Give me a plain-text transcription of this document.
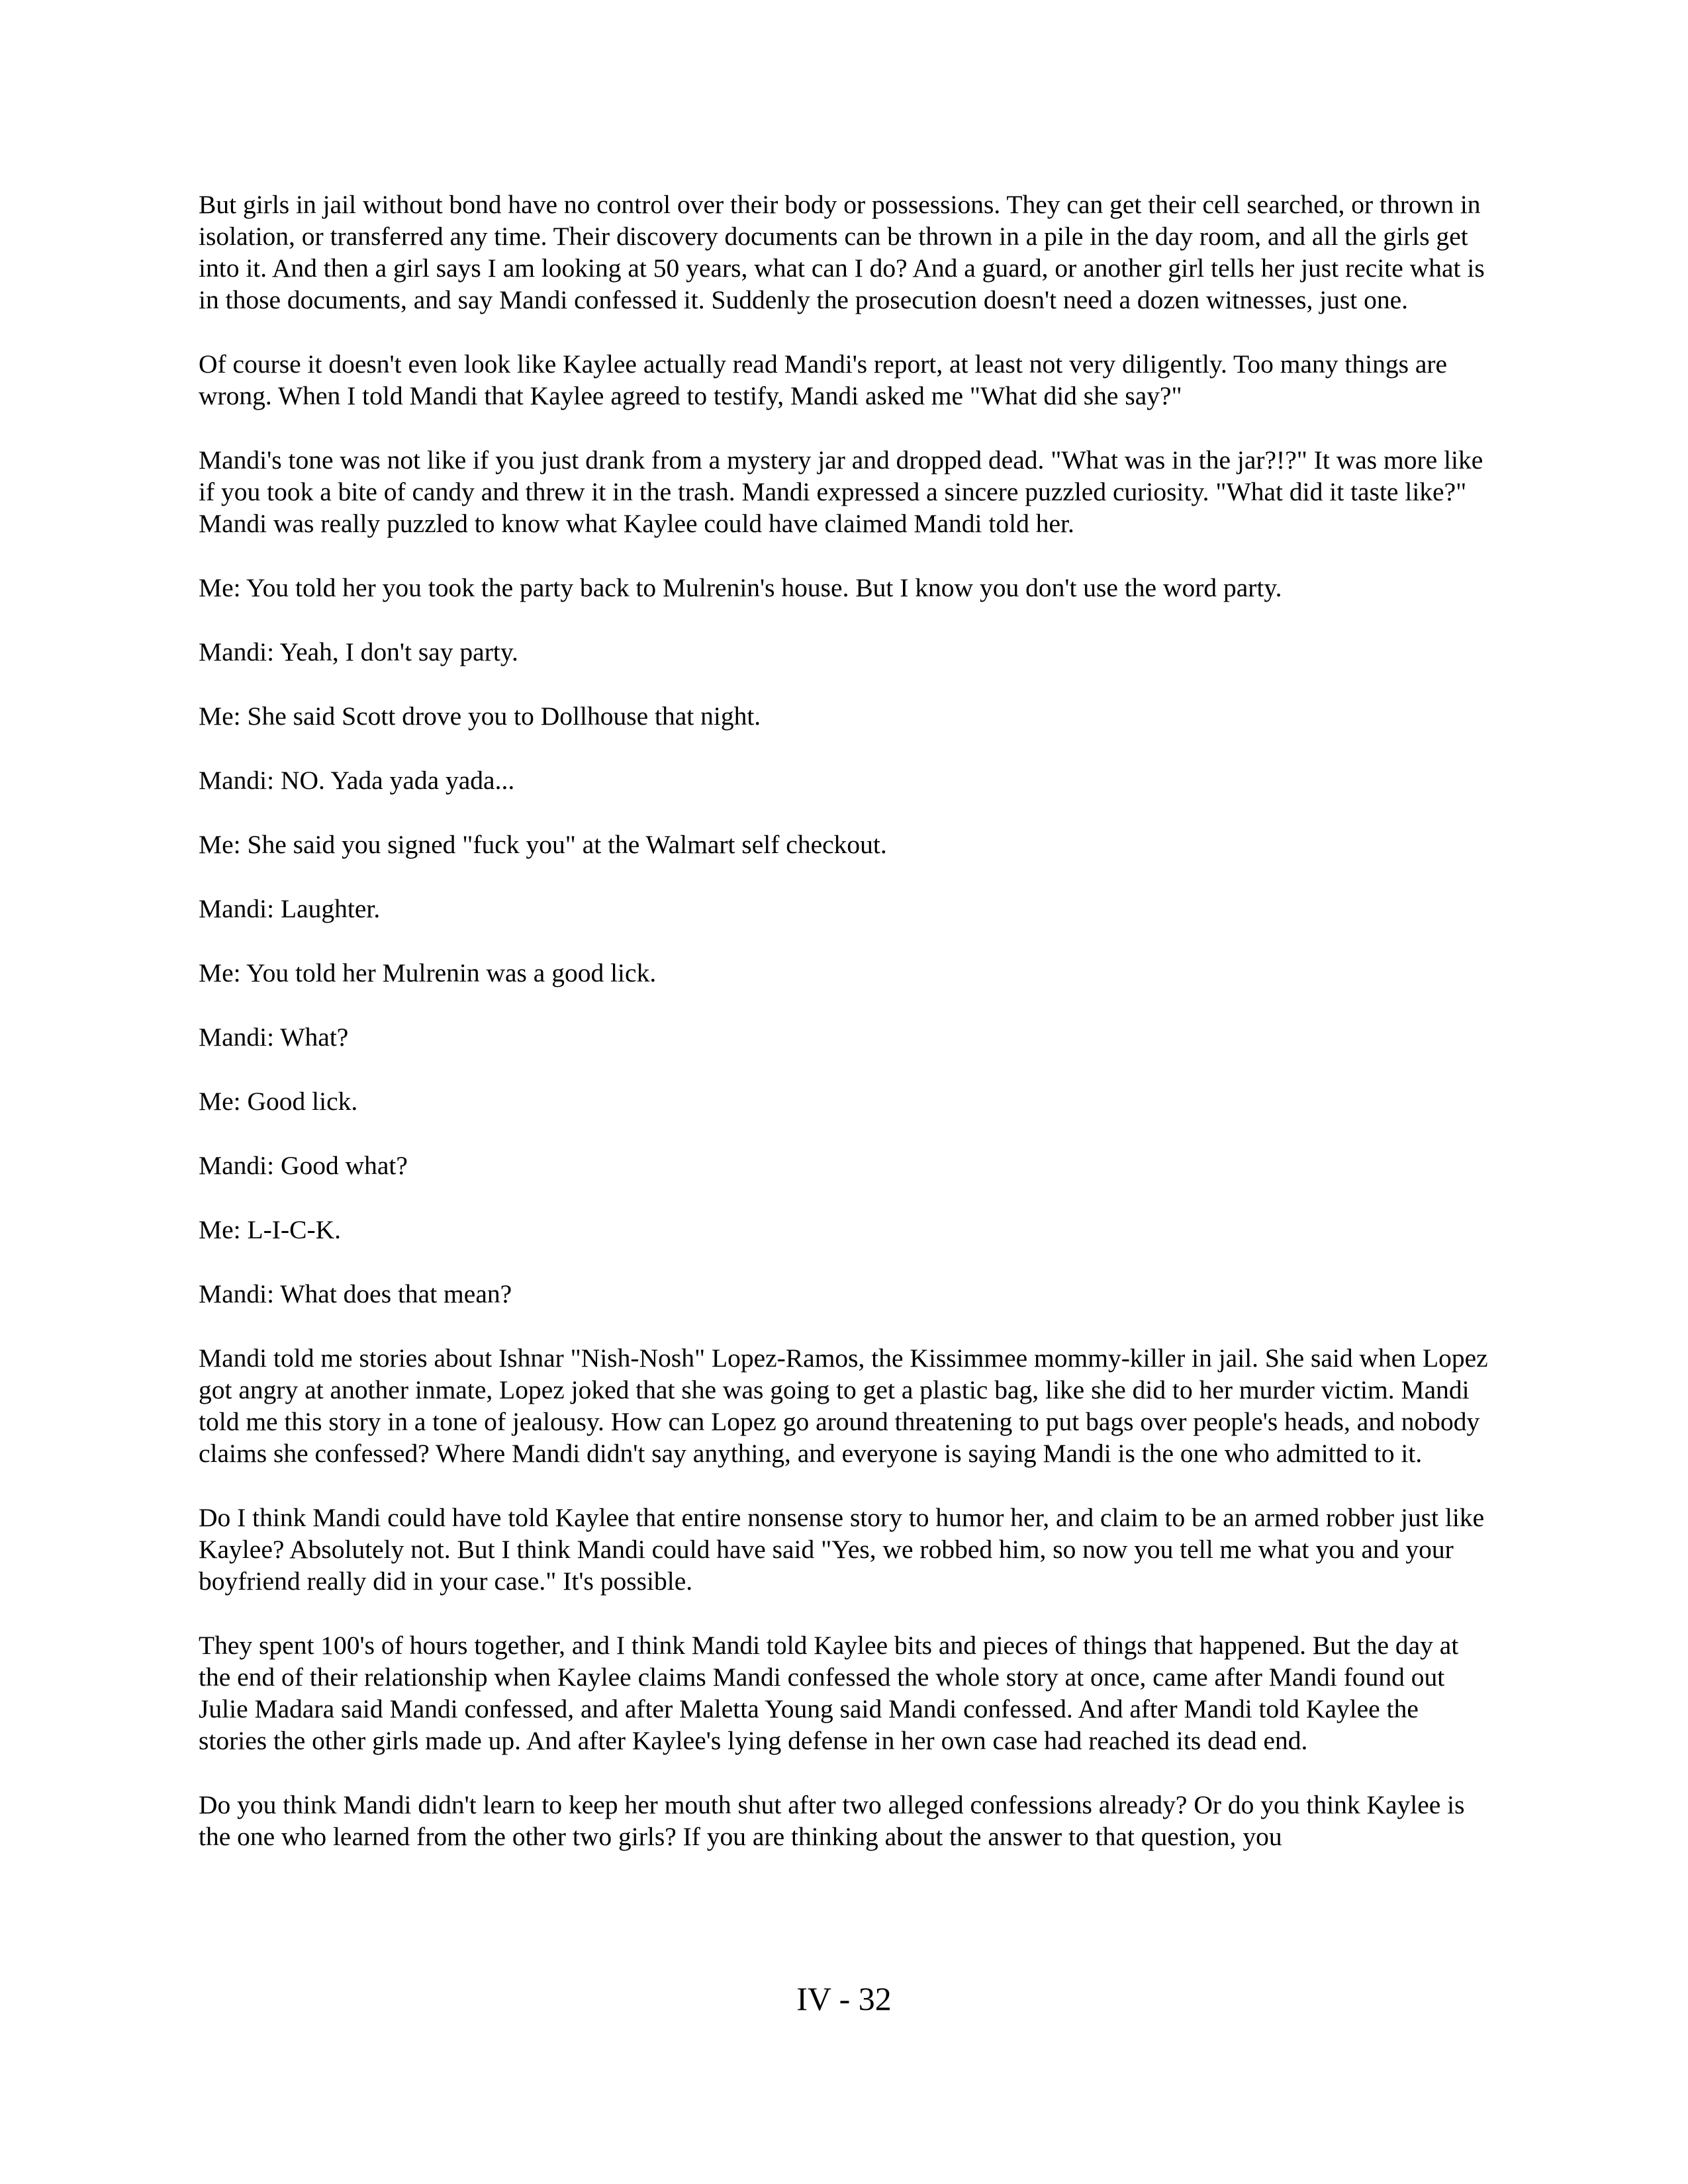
But girls in jail without bond have no control over their body or possessions. They can get their cell searched, or thrown in isolation, or transferred any time. Their discovery documents can be thrown in a pile in the day room, and all the girls get into it. And then a girl says I am looking at 50 years, what can I do? And a guard, or another girl tells her just recite what is in those documents, and say Mandi confessed it. Suddenly the prosecution doesn't need a dozen witnesses, just one.

Of course it doesn't even look like Kaylee actually read Mandi's report, at least not very diligently. Too many things are wrong. When I told Mandi that Kaylee agreed to testify, Mandi asked me "What did she say?"

Mandi's tone was not like if you just drank from a mystery jar and dropped dead. "What was in the jar?!?" It was more like if you took a bite of candy and threw it in the trash. Mandi expressed a sincere puzzled curiosity. "What did it taste like?" Mandi was really puzzled to know what Kaylee could have claimed Mandi told her.

Me: You told her you took the party back to Mulrenin's house. But I know you don't use the word party.

Mandi: Yeah, I don't say party.

Me: She said Scott drove you to Dollhouse that night.

Mandi: NO. Yada yada yada...

Me: She said you signed "fuck you" at the Walmart self checkout.

Mandi: Laughter.

Me: You told her Mulrenin was a good lick.

Mandi: What?

Me: Good lick.

Mandi: Good what?

Me: L-I-C-K.

Mandi: What does that mean?

Mandi told me stories about Ishnar "Nish-Nosh" Lopez-Ramos, the Kissimmee mommy-killer in jail. She said when Lopez got angry at another inmate, Lopez joked that she was going to get a plastic bag, like she did to her murder victim. Mandi told me this story in a tone of jealousy. How can Lopez go around threatening to put bags over people's heads, and nobody claims she confessed? Where Mandi didn't say anything, and everyone is saying Mandi is the one who admitted to it.

Do I think Mandi could have told Kaylee that entire nonsense story to humor her, and claim to be an armed robber just like Kaylee? Absolutely not. But I think Mandi could have said "Yes, we robbed him, so now you tell me what you and your boyfriend really did in your case." It's possible.

They spent 100's of hours together, and I think Mandi told Kaylee bits and pieces of things that happened. But the day at the end of their relationship when Kaylee claims Mandi confessed the whole story at once, came after Mandi found out Julie Madara said Mandi confessed, and after Maletta Young said Mandi confessed. And after Mandi told Kaylee the stories the other girls made up. And after Kaylee's lying defense in her own case had reached its dead end.

Do you think Mandi didn't learn to keep her mouth shut after two alleged confessions already? Or do you think Kaylee is the one who learned from the other two girls? If you are thinking about the answer to that question, you

IV - 32
